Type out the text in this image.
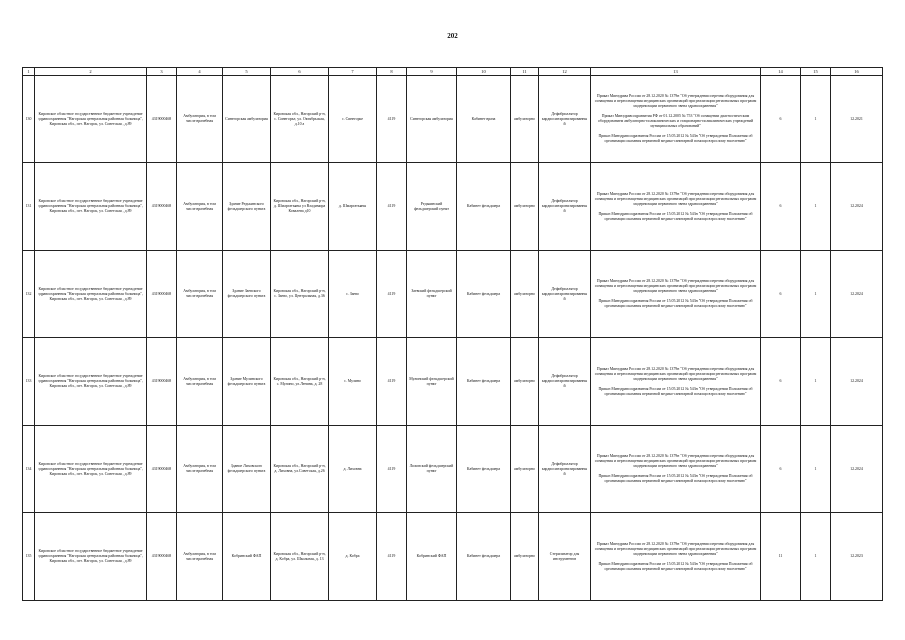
202
1	2	3	4	5	6	7	8	9	10	11	12	13	14	15	16
130	Кировское областное государственное бюджетное учреждение здравоохранения "Нагорская центральная районная больница", Кировская обл., пгт. Нагорск, ул. Советская , д.89	4319000468	Амбулатория, в том числе врачебная	Синегорская амбулатория	Кировская обл., Нагорский р-н, с. Синегорье, ул. Октябрьская, д.10 а	с. Синегорье	4119	Синегорская амбулатория	Кабинет врача	амбулаторно	Дефибриллятор кардиосинхронизированный	Приказ Минздрава России от 28.12.2020 № 1379н "Об утверждении перечня оборудования для оснащения и переоснащения медицинских организаций при реализации региональных программ модернизации первичного звена здравоохранения"
Приказ Минздравсоцразвития РФ от 01.12.2005 № 753 "Об оснащении диагностическим оборудованием амбулаторно-поликлинических и стационарно-поликлинических учреждений муниципальных образований"
Приказ Минздравсоцразвития России от 15.05.2012 № 543н "Об утверждении Положения об организации оказания первичной медико-санитарной помощи взрослому населению"	6	1	12.2021
131	Кировское областное государственное бюджетное учреждение здравоохранения "Нагорская центральная районная больница", Кировская обл., пгт. Нагорск, ул. Советская , д.89	4319000468	Амбулатория, в том числе врачебная	Здание Редькинского фельдшерского пункта	Кировская обл., Нагорский р-н, д. Шмаргатьяны ул Владимира Ковалева д10	д. Шмаргатьяны	4119	Редькинский фельдшерский пункт	Кабинет фельдшера	амбулаторно	Дефибриллятор кардиосинхронизированный	Приказ Минздрава России от 28.12.2020 № 1379н "Об утверждении перечня оборудования для оснащения и переоснащения медицинских организаций при реализации региональных программ модернизации первичного звена здравоохранения"
Приказ Минздравсоцразвития России от 15.05.2012 № 543н "Об утверждении Положения об организации оказания первичной медико-санитарной помощи взрослому населению"	6	1	12.2024
132	Кировское областное государственное бюджетное учреждение здравоохранения "Нагорская центральная районная больница", Кировская обл., пгт. Нагорск, ул. Советская , д.89	4319000468	Амбулатория, в том числе врачебная	Здание Заевского фельдшерского пункта	Кировская обл., Нагорский р-н, с. Заево, ул. Центральная, д.36	с. Заево	4119	Заевский фельдшерский пункт	Кабинет фельдшера	амбулаторно	Дефибриллятор кардиосинхронизированный	Приказ Минздрава России от 28.12.2020 № 1379н "Об утверждении перечня оборудования для оснащения и переоснащения медицинских организаций при реализации региональных программ модернизации первичного звена здравоохранения"
Приказ Минздравсоцразвития России от 15.05.2012 № 543н "Об утверждении Положения об организации оказания первичной медико-санитарной помощи взрослому населению"	6	1	12.2024
133	Кировское областное государственное бюджетное учреждение здравоохранения "Нагорская центральная районная больница", Кировская обл., пгт. Нагорск, ул. Советская , д.89	4319000468	Амбулатория, в том числе врачебная	Здание Мулинского фельдшерского пункта	Кировская обл., Нагорский р-н, с. Мулино, ул.Ленина, д. 28	с. Мулино	4119	Мулинский фельдшерский пункт	Кабинет фельдшера	амбулаторно	Дефибриллятор кардиосинхронизированный	Приказ Минздрава России от 28.12.2020 № 1379н "Об утверждении перечня оборудования для оснащения и переоснащения медицинских организаций при реализации региональных программ модернизации первичного звена здравоохранения"
Приказ Минздравсоцразвития России от 15.05.2012 № 543н "Об утверждении Положения об организации оказания первичной медико-санитарной помощи взрослому населению"	6	1	12.2024
134	Кировское областное государственное бюджетное учреждение здравоохранения "Нагорская центральная районная больница", Кировская обл., пгт. Нагорск, ул. Советская , д.89	4319000468	Амбулатория, в том числе врачебная	Здание Лиховского фельдшерского пункта	Кировская обл., Нагорский р-н, д. Лиховна, ул.Советская, д.26	д. Лиховна	4119	Лиховский фельдшерский пункт	Кабинет фельдшера	амбулаторно	Дефибриллятор кардиосинхронизированный	Приказ Минздрава России от 28.12.2020 № 1379н "Об утверждении перечня оборудования для оснащения и переоснащения медицинских организаций при реализации региональных программ модернизации первичного звена здравоохранения"
Приказ Минздравсоцразвития России от 15.05.2012 № 543н "Об утверждении Положения об организации оказания первичной медико-санитарной помощи взрослому населению"	6	1	12.2024
135	Кировское областное государственное бюджетное учреждение здравоохранения "Нагорская центральная районная больница", Кировская обл., пгт. Нагорск, ул. Советская , д.89	4319000468	Амбулатория, в том числе врачебная	Кобринский ФАП	Кировская обл., Нагорский р-н, д. Кобра, ул. Школьная, д. 13	д. Кобра	4119	Кобринский ФАП	Кабинет фельдшера	амбулаторно	Стерилизатор для инструментов	Приказ Минздрава России от 28.12.2020 № 1379н "Об утверждении перечня оборудования для оснащения и переоснащения медицинских организаций при реализации региональных программ модернизации первичного звена здравоохранения"
Приказ Минздравсоцразвития России от 15.05.2012 № 543н "Об утверждении Положения об организации оказания первичной медико-санитарной помощи взрослому населению"	11	1	12.2023
